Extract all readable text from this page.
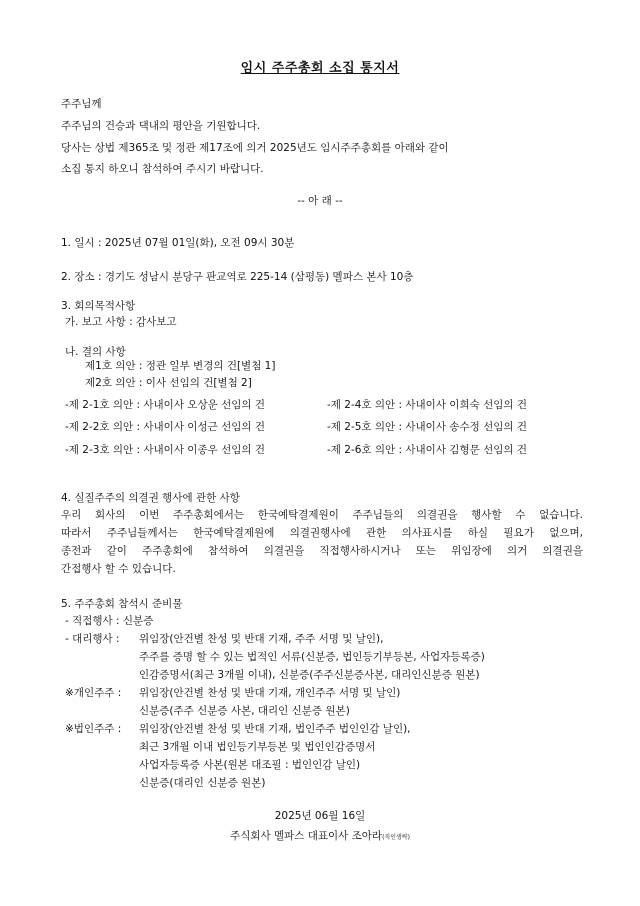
임시 주주총회 소집 통지서
주주님께
주주님의 건승과 댁내의 평안을 기원합니다.
당사는 상법 제365조 및 정관 제17조에 의거 2025년도 임시주주총회를 아래와 같이
소집 통지 하오니 참석하여 주시기 바랍니다.
-- 아 래 --
1. 일시 : 2025년 07월 01일(화), 오전 09시 30분
2. 장소 : 경기도 성남시 분당구 판교역로 225-14 (삼평동) 멜파스 본사 10층
3. 회의목적사항
가. 보고 사항 : 감사보고
나. 결의 사항
제1호 의안 : 정관 일부 변경의 건[별첨 1]
제2호 의안 : 이사 선임의 건[별첨 2]
-제 2-1호 의안 : 사내이사 오상운 선임의 건	-제 2-4호 의안 : 사내이사 이희숙 선임의 건
-제 2-2호 의안 : 사내이사 이성근 선임의 건	-제 2-5호 의안 : 사내이사 송수정 선임의 건
-제 2-3호 의안 : 사내이사 이종우 선임의 건	-제 2-6호 의안 : 사내이사 김형문 선임의 건
4. 실질주주의 의결권 행사에 관한 사항
우리 회사의 이번 주주총회에서는 한국예탁결제원이 주주님들의 의결권을 행사할 수 없습니다.
따라서 주주님들께서는 한국예탁결제원에 의결권행사에 관한 의사표시를 하실 필요가 없으며,
종전과 같이 주주총회에 참석하여 의결권을 직접행사하시거나 또는 위임장에 의거 의결권을
간접행사 할 수 있습니다.
5. 주주총회 참석시 준비물
- 직접행사 : 신분증
- 대리행사 : 위임장(안건별 찬성 및 반대 기재, 주주 서명 및 날인),
주주를 증명 할 수 있는 법적인 서류(신분증, 법인등기부등본, 사업자등록증)
인감증명서(최근 3개월 이내), 신분증(주주신분증사본, 대리인신분증 원본)
※개인주주 : 위임장(안건별 찬성 및 반대 기재, 개인주주 서명 및 날인)
신분증(주주 신분증 사본, 대리인 신분증 원본)
※법인주주 : 위임장(안건별 찬성 및 반대 기재, 법인주주 법인인감 날인),
최근 3개월 이내 법인등기부등본 및 법인인감증명서
사업자등록증 사본(원본 대조필 : 법인인감 날인)
신분증(대리인 신분증 원본)
2025년 06월 16일
주식회사 멜파스 대표이사 조아라(직인생략)
